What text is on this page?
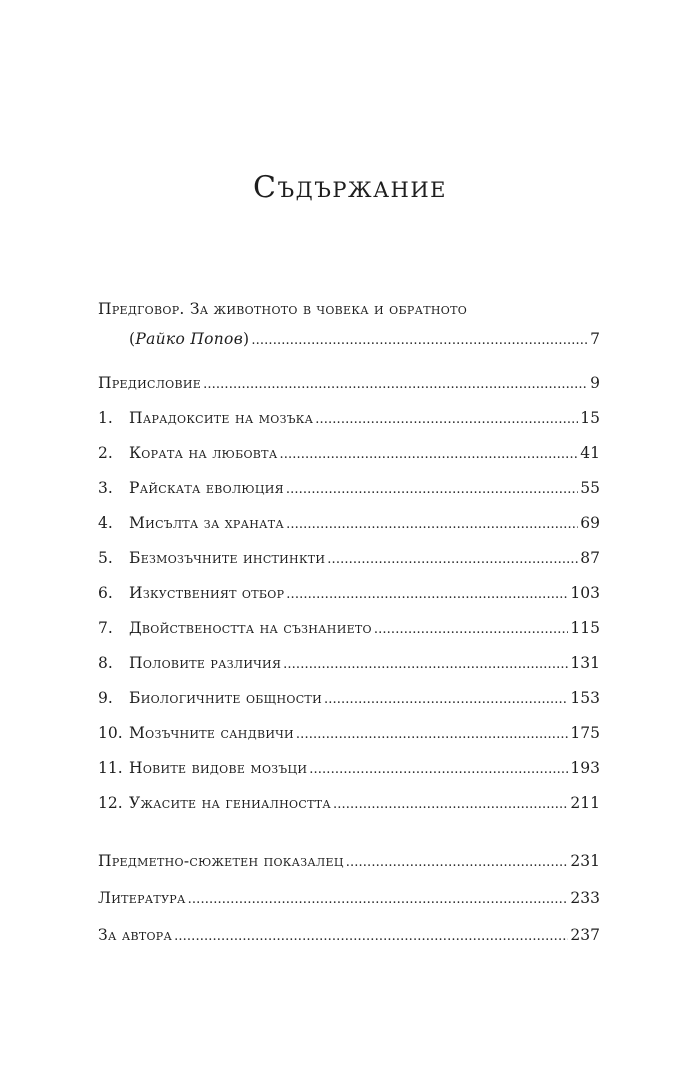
Съдържание
Предговор. За животното в човека и обратното
(Райко Попов) . . .	7
Предисловие . . .	9
1.	Парадоксите на мозъка . . .	15
2.	Кората на любовта . . .	41
3.	Райската еволюция . . .	55
4.	Мисълта за храната . . .	69
5.	Безмозъчните инстинкти . . .	87
6.	Изкуственият отбор . . .	103
7.	Двойствеността на съзнанието . . .	115
8.	Половите различия . . .	131
9.	Биологичните общности . . .	153
10. Мозъчните сандвичи . . .	175
11. Новите видове мозъци . . .	193
12. Ужасите на гениалността . . .	211
Предметно-сюжетен показалец . . .	231
Литература . . .	233
За автора . . .	237
